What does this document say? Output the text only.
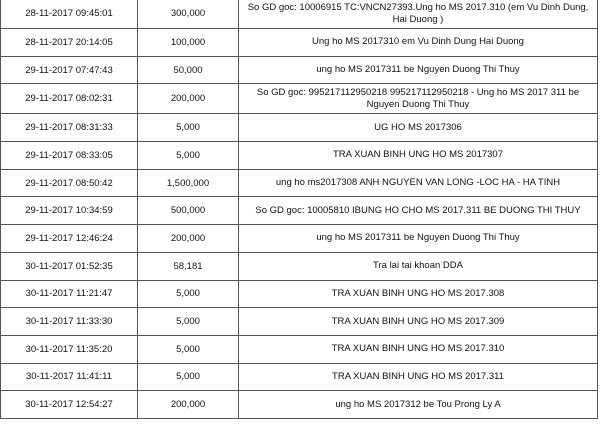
28-11-2017 09:45:01	300,000	So GD goc: 10006915 TC:VNCN27393.Ung ho MS 2017.310 (em Vu Dinh Dung, Hai Duong )
28-11-2017 20:14:05	100,000	Ung ho MS 2017310 em Vu Dinh Dung Hai Duong
29-11-2017 07:47:43	50,000	ung ho MS 2017311 be Nguyen Duong Thi Thuy
29-11-2017 08:02:31	200,000	So GD goc: 995217112950218 995217112950218 - Ung ho MS 2017 311 be Nguyen Duong Thi Thuy
29-11-2017 08:31:33	5,000	UG HO MS 2017306
29-11-2017 08:33:05	5,000	TRA XUAN BINH UNG HO MS 2017307
29-11-2017 08:50:42	1,500,000	ung ho ms2017308 ANH NGUYEN VAN LONG -LOC HA - HA TINH
29-11-2017 10:34:59	500,000	So GD goc: 10005810 IBUNG HO CHO MS 2017.311 BE DUONG THI THUY
29-11-2017 12:46:24	200,000	ung ho MS 2017311 be Nguyen Duong Thi Thuy
30-11-2017 01:52:35	58,181	Tra lai tai khoan DDA
30-11-2017 11:21:47	5,000	TRA XUAN BINH UNG HO MS 2017.308
30-11-2017 11:33:30	5,000	TRA XUAN BINH UNG HO MS 2017.309
30-11-2017 11:35:20	5,000	TRA XUAN BINH UNG HO MS 2017.310
30-11-2017 11:41:11	5,000	TRA XUAN BINH UNG HO MS 2017.311
30-11-2017 12:54:27	200,000	ung ho MS 2017312 be Tou Prong Ly A
